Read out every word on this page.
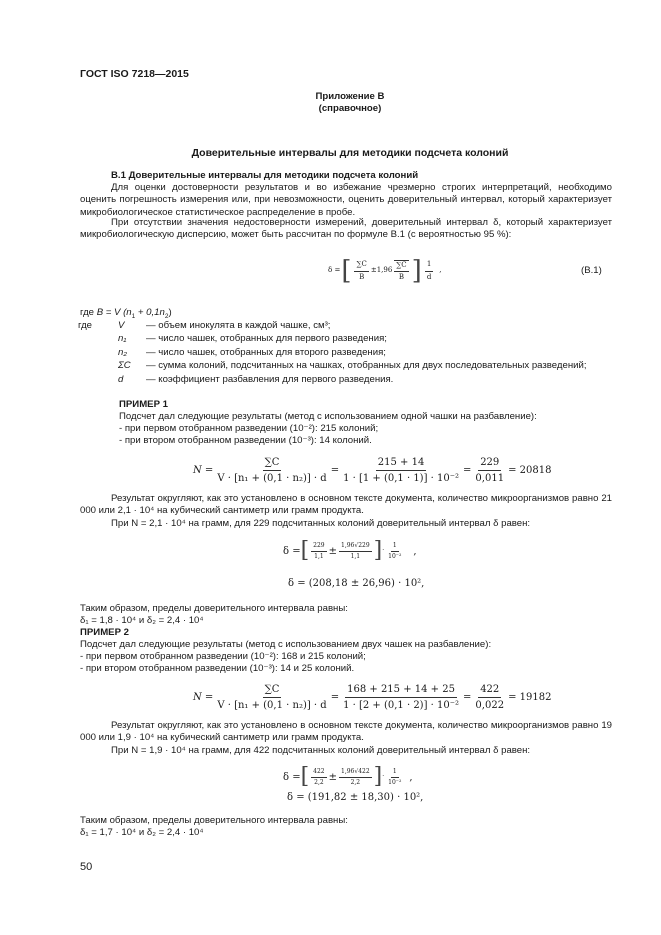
ГОСТ ISO 7218—2015
Приложение В
(справочное)
Доверительные интервалы для методики подсчета колоний
В.1 Доверительные интервалы для методики подсчета колоний
Для оценки достоверности результатов и во избежание чрезмерно строгих интерпретаций, необходимо оценить погрешность измерения или, при невозможности, оценить доверительный интервал, который характеризует микробиологическое статистическое распределение в пробе.
При отсутствии значения недостоверности измерений, доверительный интервал δ, который характеризует микробиологическую дисперсию, может быть рассчитан по формуле В.1 (с вероятностью 95 %):
δ = [ $\frac{\sum C}{B} \pm 1,96 \frac{\sum C}{B}$ ] $\frac{1}{d}$ ,	(B.1)
где B = V $(n_1 + 0,1n_2)$
где	V	— объем инокулята в каждой чашке, см³;
	n₁	— число чашек, отобранных для первого разведения;
	n₂	— число чашек, отобранных для второго разведения;
	ΣC	— сумма колоний, подсчитанных на чашках, отобранных для двух последовательных разведений;
	d	— коэффициент разбавления для первого разведения.
ПРИМЕР 1
Подсчет дал следующие результаты (метод с использованием одной чашки на разбавление):
- при первом отобранном разведении (10⁻²): 215 колоний;
- при втором отобранном разведении (10⁻³): 14 колоний.
$N = \frac{\sum C}{\text{V · [n₁ + (0,1 · n₂)] · d}} = \frac{215 + 14}{\text{1 · [1 + (0,1 · 1)] · 10⁻²}} = \frac{229}{0,011} = 20818$
Результат округляют, как это установлено в основном тексте документа, количество микроорганизмов равно 21 000 или 2,1 · 10⁴ на кубический сантиметр или грамм продукта.
При N = 2,1 · 10⁴ на грамм, для 229 подсчитанных колоний доверительный интервал δ равен:
δ = [ $\frac{229}{1,1} \pm \frac{1,96√229}{1,1}$ ] · $\frac{1}{\text{10⁻²}}$ ,
δ = (208,18 ± 26,96) · 10²,
Таким образом, пределы доверительного интервала равны:
δ₁ = 1,8 · 10⁴ и δ₂ = 2,4 · 10⁴
ПРИМЕР 2
Подсчет дал следующие результаты (метод с использованием двух чашек на разбавление):
- при первом отобранном разведении (10⁻²): 168 и 215 колоний;
- при втором отобранном разведении (10⁻³): 14 и 25 колоний.
$N = \frac{\sum C}{\text{V · [n₁ + (0,1 · n₂)] · d}} = \frac{168 + 215 + 14 + 25}{\text{1 · [2 + (0,1 · 2)] · 10⁻²}} = \frac{422}{0,022} = 19182$
Результат округляют, как это установлено в основном тексте документа, количество микроорганизмов равно 19 000 или 1,9 · 10⁴ на кубический сантиметр или грамм продукта.
При N = 1,9 · 10⁴ на грамм, для 422 подсчитанных колоний доверительный интервал δ равен:
δ = [ $\frac{422}{2,2} \pm \frac{1,96√422}{2,2}$ ] · $\frac{1}{\text{10⁻²}}$ ,
δ = (191,82 ± 18,30) · 10²,
Таким образом, пределы доверительного интервала равны:
δ₁ = 1,7 · 10⁴ и δ₂ = 2,4 · 10⁴
50
